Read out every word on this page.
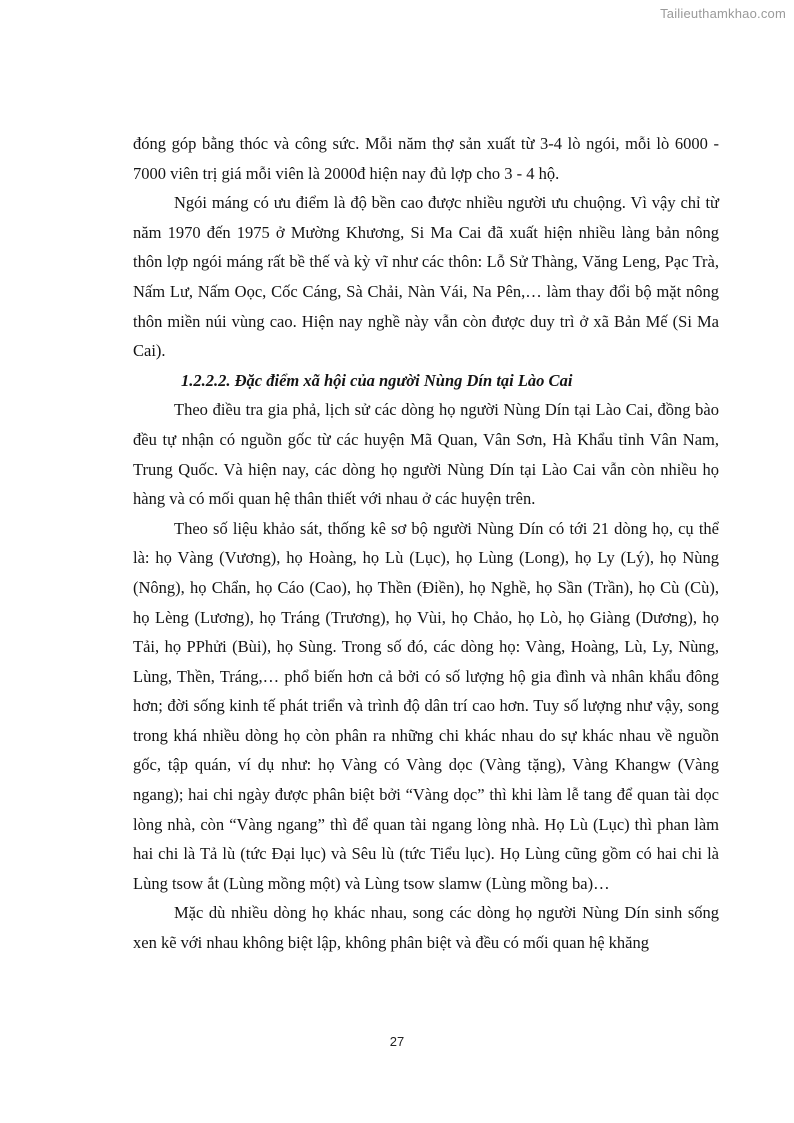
Tailieuthamkhao.com

đóng góp bằng thóc và công sức. Mỗi năm thợ sản xuất từ 3-4 lò ngói, mỗi lò 6000 - 7000 viên trị giá mỗi viên là 2000đ hiện nay đủ lợp cho 3 - 4 hộ.

Ngói máng có ưu điểm là độ bền cao được nhiều người ưu chuộng. Vì vậy chỉ từ năm 1970 đến 1975 ở Mường Khương, Si Ma Cai đã xuất hiện nhiều làng bản nông thôn lợp ngói máng rất bề thế và kỳ vĩ như các thôn: Lỗ Sử Thàng, Văng Leng, Pạc Trà, Nấm Lư, Nấm Oọc, Cốc Cáng, Sà Chải, Nàn Vái, Na Pên,… làm thay đổi bộ mặt nông thôn miền núi vùng cao. Hiện nay nghề này vẫn còn được duy trì ở xã Bản Mế (Si Ma Cai).

1.2.2.2. Đặc điểm xã hội của người Nùng Dín tại Lào Cai

Theo điều tra gia phả, lịch sử các dòng họ người Nùng Dín tại Lào Cai, đồng bào đều tự nhận có nguồn gốc từ các huyện Mã Quan, Vân Sơn, Hà Khẩu tỉnh Vân Nam, Trung Quốc. Và hiện nay, các dòng họ người Nùng Dín tại Lào Cai vẫn còn nhiều họ hàng và có mối quan hệ thân thiết với nhau ở các huyện trên.

Theo số liệu khảo sát, thống kê sơ bộ người Nùng Dín có tới 21 dòng họ, cụ thể là: họ Vàng (Vương), họ Hoàng, họ Lù (Lục), họ Lùng (Long), họ Ly (Lý), họ Nùng (Nông), họ Chẩn, họ Cáo (Cao), họ Thền (Điền), họ Nghề, họ Sần (Trần), họ Cù (Cù), họ Lèng (Lương), họ Tráng (Trương), họ Vùi, họ Chảo, họ Lò, họ Giàng (Dương), họ Tải, họ PPhửi (Bùi), họ Sùng. Trong số đó, các dòng họ: Vàng, Hoàng, Lù, Ly, Nùng, Lùng, Thền, Tráng,… phổ biến hơn cả bởi có số lượng hộ gia đình và nhân khẩu đông hơn; đời sống kinh tế phát triển và trình độ dân trí cao hơn. Tuy số lượng như vậy, song trong khá nhiều dòng họ còn phân ra những chi khác nhau do sự khác nhau về nguồn gốc, tập quán, ví dụ như: họ Vàng có Vàng dọc (Vàng tặng), Vàng Khangw (Vàng ngang); hai chi ngày được phân biệt bởi “Vàng dọc” thì khi làm lễ tang để quan tài dọc lòng nhà, còn “Vàng ngang” thì để quan tài ngang lòng nhà. Họ Lù (Lục) thì phan làm hai chi là Tả lù (tức Đại lục) và Sêu lù (tức Tiểu lục). Họ Lùng cũng gồm có hai chi là Lùng tsow ắt (Lùng mồng một) và Lùng tsow slamw (Lùng mồng ba)…

Mặc dù nhiều dòng họ khác nhau, song các dòng họ người Nùng Dín sinh sống xen kẽ với nhau không biệt lập, không phân biệt và đều có mối quan hệ khăng

27
